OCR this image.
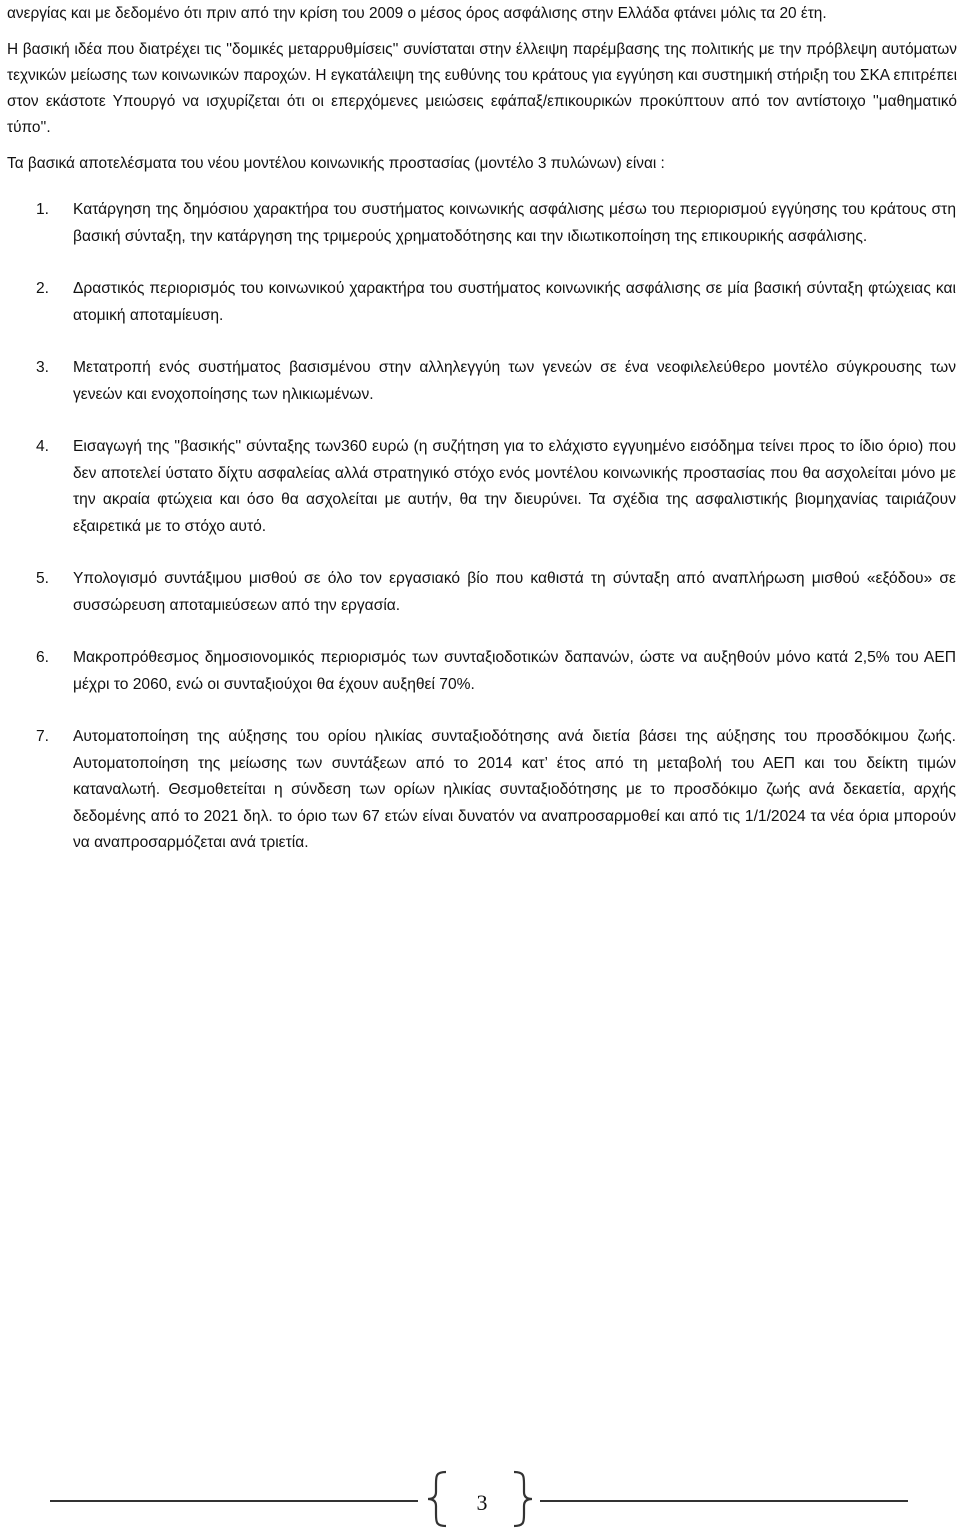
ανεργίας και με δεδομένο ότι πριν από την κρίση του 2009 ο μέσος όρος ασφάλισης στην Ελλάδα φτάνει μόλις τα 20 έτη.

Η βασική ιδέα που διατρέχει τις ''δομικές μεταρρυθμίσεις'' συνίσταται στην έλλειψη παρέμβασης της πολιτικής με την πρόβλεψη αυτόματων τεχνικών μείωσης των κοινωνικών παροχών. Η εγκατάλειψη της ευθύνης του κράτους για εγγύηση και συστημική στήριξη του ΣΚΑ επιτρέπει στον εκάστοτε Υπουργό να ισχυρίζεται ότι οι επερχόμενες μειώσεις εφάπαξ/επικουρικών προκύπτουν από τον αντίστοιχο ''μαθηματικό τύπο''.

Τα βασικά αποτελέσματα του νέου μοντέλου κοινωνικής προστασίας (μοντέλο 3 πυλώνων) είναι :

1.	Κατάργηση της δημόσιου χαρακτήρα του συστήματος κοινωνικής ασφάλισης μέσω του περιορισμού εγγύησης του κράτους στη βασική σύνταξη, την κατάργηση της τριμερούς χρηματοδότησης και την ιδιωτικοποίηση της επικουρικής ασφάλισης.
2.	Δραστικός περιορισμός του κοινωνικού χαρακτήρα του συστήματος κοινωνικής ασφάλισης σε μία βασική σύνταξη φτώχειας και ατομική αποταμίευση.
3.	Μετατροπή ενός συστήματος βασισμένου στην αλληλεγγύη των γενεών σε ένα νεοφιλελεύθερο μοντέλο σύγκρουσης των γενεών και ενοχοποίησης των ηλικιωμένων.
4.	Εισαγωγή της ''βασικής'' σύνταξης των360 ευρώ (η συζήτηση για το ελάχιστο εγγυημένο εισόδημα τείνει προς το ίδιο όριο) που δεν αποτελεί ύστατο δίχτυ ασφαλείας αλλά στρατηγικό στόχο ενός μοντέλου κοινωνικής προστασίας που θα ασχολείται μόνο με την ακραία φτώχεια και όσο θα ασχολείται με αυτήν, θα την διευρύνει. Τα σχέδια της ασφαλιστικής βιομηχανίας ταιριάζουν εξαιρετικά με το στόχο αυτό.
5.	Υπολογισμό συντάξιμου μισθού σε όλο τον εργασιακό βίο που καθιστά τη σύνταξη από αναπλήρωση μισθού «εξόδου» σε συσσώρευση αποταμιεύσεων από την εργασία.
6.	Μακροπρόθεσμος δημοσιονομικός περιορισμός των συνταξιοδοτικών δαπανών, ώστε να αυξηθούν μόνο κατά 2,5% του ΑΕΠ μέχρι το 2060, ενώ οι συνταξιούχοι θα έχουν αυξηθεί 70%.
7.	Αυτοματοποίηση της αύξησης του ορίου ηλικίας συνταξιοδότησης ανά διετία βάσει της αύξησης του προσδόκιμου ζωής. Αυτοματοποίηση της μείωσης των συντάξεων από το 2014 κατ’ έτος από τη μεταβολή του ΑΕΠ και του δείκτη τιμών καταναλωτή. Θεσμοθετείται η σύνδεση των ορίων ηλικίας συνταξιοδότησης με το προσδόκιμο ζωής ανά δεκαετία, αρχής δεδομένης από το 2021 δηλ. το όριο των 67 ετών είναι δυνατόν να αναπροσαρμοθεί και από τις 1/1/2024 τα νέα όρια μπορούν να αναπροσαρμόζεται ανά τριετία.
3
